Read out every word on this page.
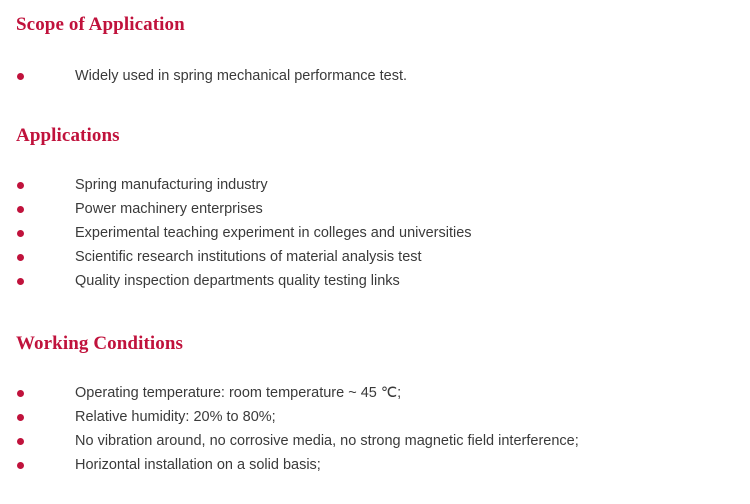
Scope of Application
Widely used in spring mechanical performance test.
Applications
Spring manufacturing industry
Power machinery enterprises
Experimental teaching experiment in colleges and universities
Scientific research institutions of material analysis test
Quality inspection departments quality testing links
Working Conditions
Operating temperature: room temperature ~ 45 ℃;
Relative humidity: 20% to 80%;
No vibration around, no corrosive media, no strong magnetic field interference;
Horizontal installation on a solid basis;
